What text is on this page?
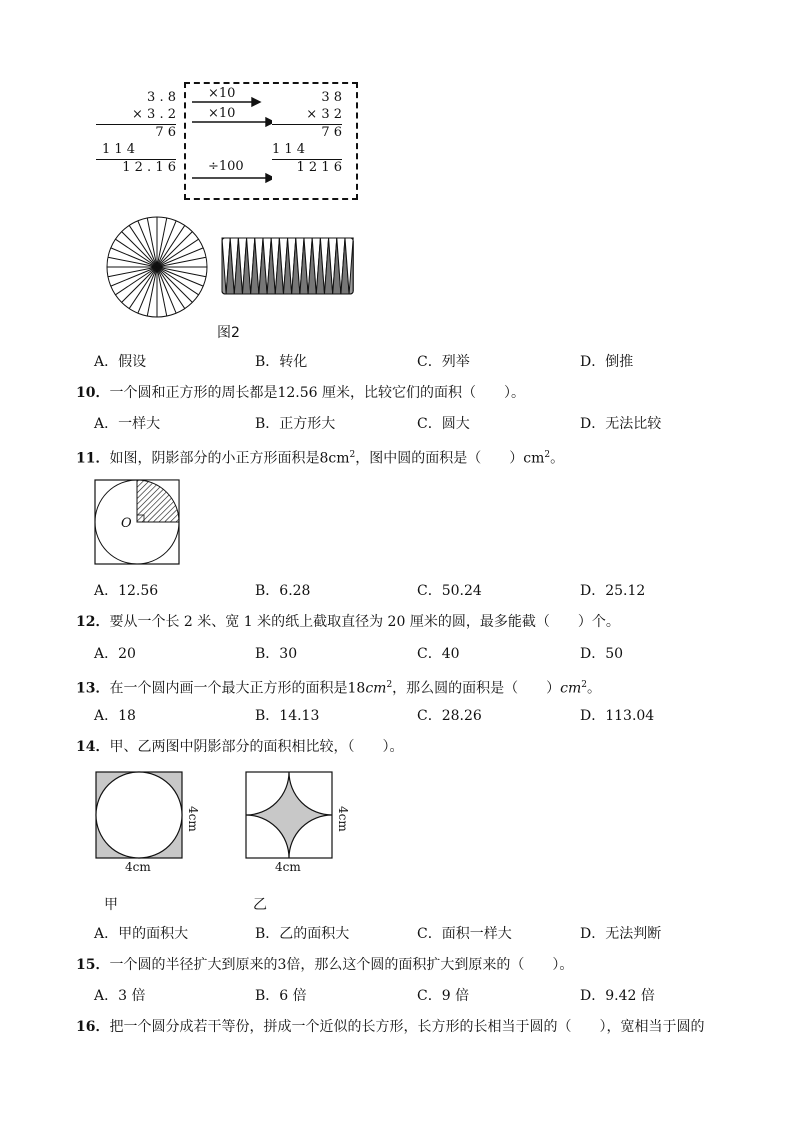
3 . 8
× 3 . 2
7 6
1 1 4
1 2 . 1 6
×10
×10
÷100
3 8
× 3 2
7 6
1 1 4
1 2 1 6
图2
A．假设	B．转化	C．列举	D．倒推
10．一个圆和正方形的周长都是12.56 厘米，比较它们的面积（　　）。
A．一样大	B．正方形大	C．圆大	D．无法比较
11．如图，阴影部分的小正方形面积是$8cm^2$，图中圆的面积是（　　）$cm^2$。
O
A．12.56	B．6.28	C．50.24	D．25.12
12．要从一个长 2 米、宽 1 米的纸上截取直径为 20 厘米的圆，最多能截（　　）个。
A．20	B．30	C．40	D．50
13．在一个圆内画一个最大正方形的面积是$18cm^2$，那么圆的面积是（　　）$cm^2$。
A．18	B．14.13	C．28.26	D．113.04
14．甲、乙两图中阴影部分的面积相比较，（　　）。
4cm
4cm
甲
4cm
4cm
乙
A．甲的面积大	B．乙的面积大	C．面积一样大	D．无法判断
15．一个圆的半径扩大到原来的3倍，那么这个圆的面积扩大到原来的（　　）。
A．3 倍	B．6 倍	C．9 倍	D．9.42 倍
16．把一个圆分成若干等份，拼成一个近似的长方形，长方形的长相当于圆的（　　），宽相当于圆的
